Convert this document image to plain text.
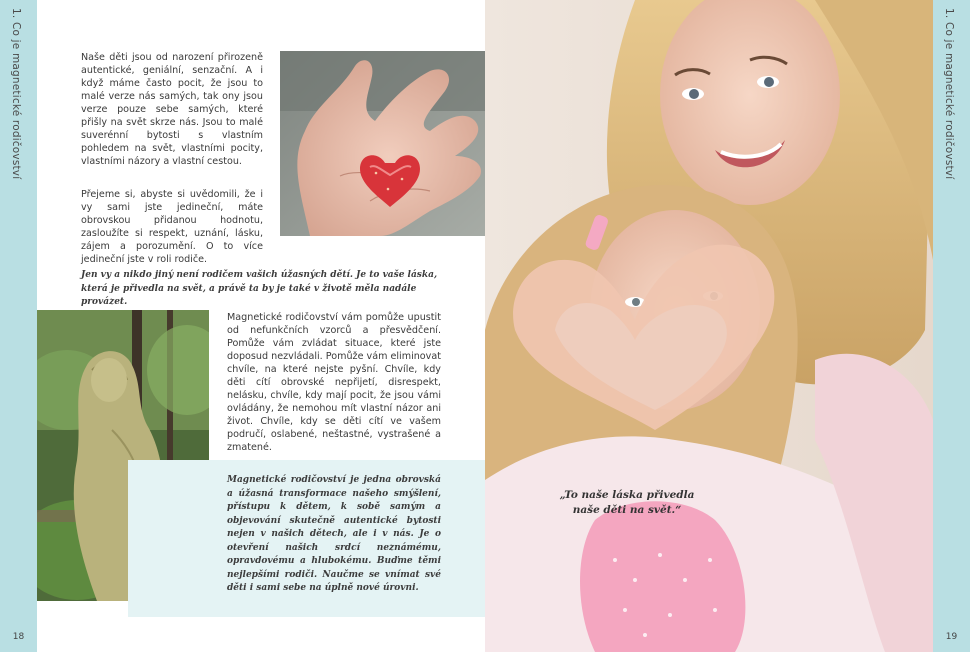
1. Co je magnetické rodičovství
18
Naše děti jsou od narození přirozeně autentické, geniální, senzační. A i když máme často pocit, že jsou to malé verze nás samých, tak ony jsou verze pouze sebe samých, které přišly na svět skrze nás. Jsou to malé suverénní bytosti s vlastním pohledem na svět, vlastními pocity, vlastními názory a vlastní cestou.
Přejeme si, abyste si uvědomili, že i vy sami jste jedineční, máte obrovskou přidanou hodnotu, zasloužíte si respekt, uznání, lásku, zájem a porozumění. O to více jedineční jste v roli rodiče.
Jen vy a nikdo jiný není rodičem vašich úžasných dětí. Je to vaše láska, která je přivedla na svět, a právě ta by je také v životě měla nadále provázet.
Magnetické rodičovství vám pomůže upustit od nefunkčních vzorců a přesvědčení. Pomůže vám zvládat situace, které jste doposud nezvládali. Pomůže vám eliminovat chvíle, na které nejste pyšní. Chvíle, kdy děti cítí obrovské nepřijetí, disrespekt, nelásku, chvíle, kdy mají pocit, že jsou vámi ovládány, že nemohou mít vlastní názor ani život. Chvíle, kdy se děti cítí ve vašem područí, oslabené, neštastné, vystrašené a zmatené.
Magnetické rodičovství je jedna obrovská a úžasná transformace našeho smýšlení, přístupu k dětem, k sobě samým a objevování skutečně autentické bytosti nejen v našich dětech, ale i v nás. Je o otevření našich srdcí neznámému, opravdovému a hlubokému. Buďme těmi nejlepšími rodiči. Naučme se vnímat své děti i sami sebe na úplně nové úrovni.
„To naše láska přivedla naše děti na svět.“
1. Co je magnetické rodičovství
19
